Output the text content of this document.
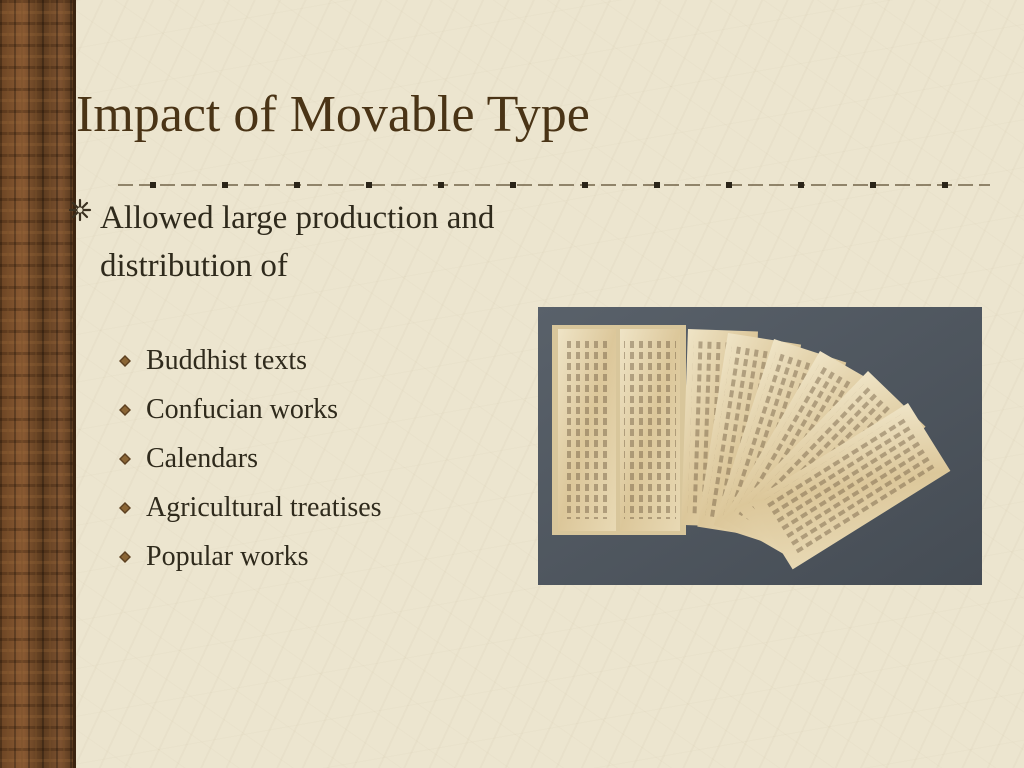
Impact of Movable Type
Allowed large production and distribution of
Buddhist texts
Confucian works
Calendars
Agricultural treatises
Popular works
